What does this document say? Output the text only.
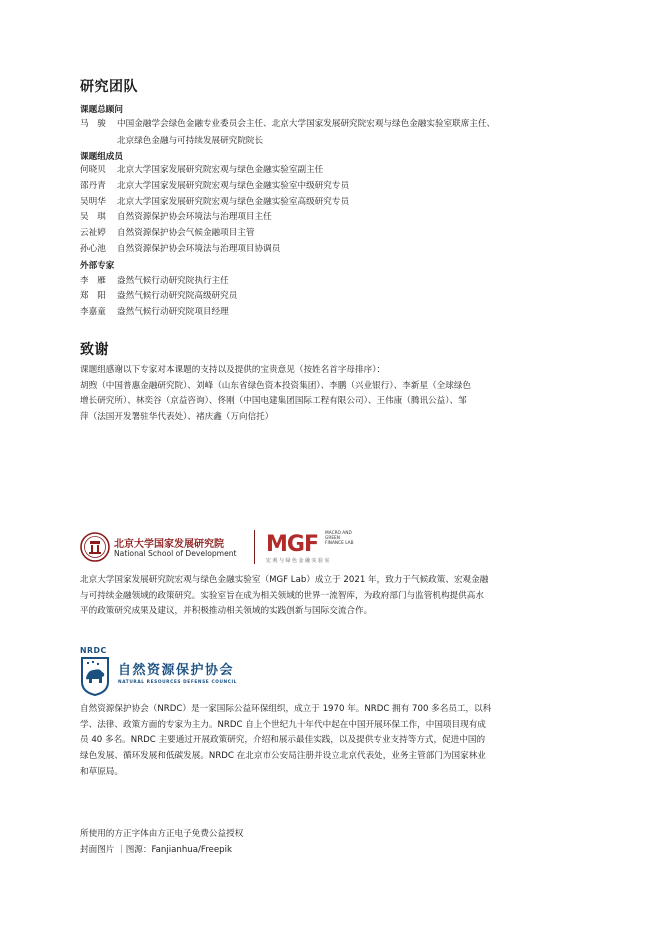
研究团队
课题总顾问
马　骏 中国金融学会绿色金融专业委员会主任、北京大学国家发展研究院宏观与绿色金融实验室联席主任、
北京绿色金融与可持续发展研究院院长
课题组成员
何晓贝 北京大学国家发展研究院宏观与绿色金融实验室副主任
邵丹青 北京大学国家发展研究院宏观与绿色金融实验室中级研究专员
吴明华 北京大学国家发展研究院宏观与绿色金融实验室高级研究专员
吴　琪 自然资源保护协会环境法与治理项目主任
云祉婷 自然资源保护协会气候金融项目主管
孙心池 自然资源保护协会环境法与治理项目协调员
外部专家
李　雁 盎然气候行动研究院执行主任
郑　阳 盎然气候行动研究院高级研究员
李嘉童 盎然气候行动研究院项目经理
致谢
课题组感谢以下专家对本课题的支持以及提供的宝贵意见（按姓名首字母排序）：
胡煦（中国普惠金融研究院）、刘峰（山东省绿色资本投资集团）、李鹏（兴业银行）、李新星（全球绿色
增长研究所）、林奕谷（京益咨询）、佟刚（中国电建集团国际工程有限公司）、王伟康（腾讯公益）、邹
萍（法国开发署驻华代表处）、褚庆鑫（万向信托）
北京大学国家发展研究院
National School of Development MGF MACRO AND
GREEN
FINANCE LAB
宏观与绿色金融实验室
北京大学国家发展研究院宏观与绿色金融实验室（MGF Lab）成立于 2021 年，致力于气候政策、宏观金融
与可持续金融领域的政策研究。实验室旨在成为相关领域的世界一流智库，为政府部门与监管机构提供高水
平的政策研究成果及建议，并积极推动相关领域的实践创新与国际交流合作。
NRDC
自然资源保护协会
NATURAL RESOURCES DEFENSE COUNCIL
自然资源保护协会（NRDC）是一家国际公益环保组织，成立于 1970 年。NRDC 拥有 700 多名员工，以科
学、法律、政策方面的专家为主力。NRDC 自上个世纪九十年代中起在中国开展环保工作，中国项目现有成
员 40 多名。NRDC 主要通过开展政策研究，介绍和展示最佳实践，以及提供专业支持等方式，促进中国的
绿色发展、循环发展和低碳发展。NRDC 在北京市公安局注册并设立北京代表处，业务主管部门为国家林业
和草原局。
所使用的方正字体由方正电子免费公益授权
封面图片 ｜图源：Fanjianhua/Freepik
